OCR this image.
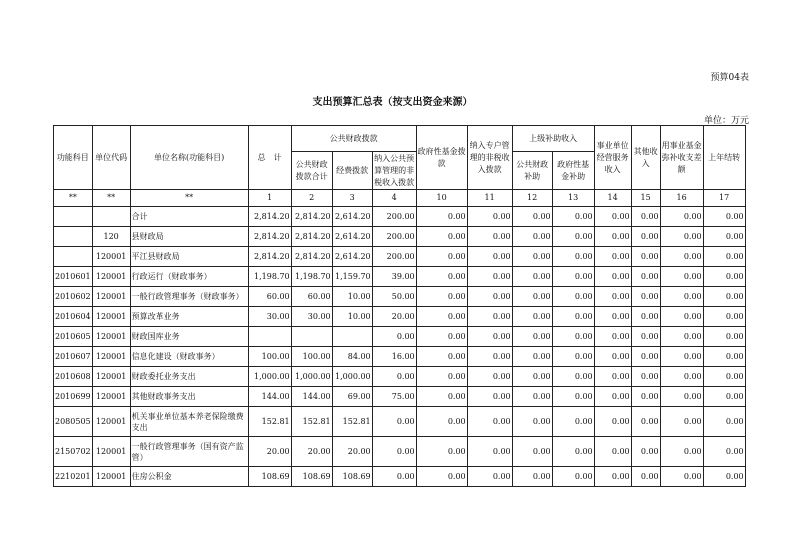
预算04表
支出预算汇总表（按支出资金来源）
单位：万元
功能科目	单位代码	单位名称(功能科目)	总　计	公共财政拨款			政府性基金拨款	纳入专户管理的非税收入拨款	上级补助收入		事业单位经营服务收入	其他收入	用事业基金弥补收支差额	上年结转
				公共财政拨款合计	经费拨款	纳入公共预算管理的非税收入拨款			公共财政补助	政府性基金补助				
**	**	**	1	2	3	4	10	11	12	13	14	15	16	17
		合计	2,814.20	2,814.20	2,614.20	200.00	0.00	0.00	0.00	0.00	0.00	0.00	0.00	0.00
	120	县财政局	2,814.20	2,814.20	2,614.20	200.00	0.00	0.00	0.00	0.00	0.00	0.00	0.00	0.00
	120001	平江县财政局	2,814.20	2,814.20	2,614.20	200.00	0.00	0.00	0.00	0.00	0.00	0.00	0.00	0.00
2010601	120001	行政运行（财政事务）	1,198.70	1,198.70	1,159.70	39.00	0.00	0.00	0.00	0.00	0.00	0.00	0.00	0.00
2010602	120001	一般行政管理事务（财政事务）	60.00	60.00	10.00	50.00	0.00	0.00	0.00	0.00	0.00	0.00	0.00	0.00
2010604	120001	预算改革业务	30.00	30.00	10.00	20.00	0.00	0.00	0.00	0.00	0.00	0.00	0.00	0.00
2010605	120001	财政国库业务				0.00	0.00	0.00	0.00	0.00	0.00	0.00	0.00	0.00
2010607	120001	信息化建设（财政事务）	100.00	100.00	84.00	16.00	0.00	0.00	0.00	0.00	0.00	0.00	0.00	0.00
2010608	120001	财政委托业务支出	1,000.00	1,000.00	1,000.00	0.00	0.00	0.00	0.00	0.00	0.00	0.00	0.00	0.00
2010699	120001	其他财政事务支出	144.00	144.00	69.00	75.00	0.00	0.00	0.00	0.00	0.00	0.00	0.00	0.00
2080505	120001	机关事业单位基本养老保险缴费支出	152.81	152.81	152.81	0.00	0.00	0.00	0.00	0.00	0.00	0.00	0.00	0.00
2150702	120001	一般行政管理事务（国有资产监管）	20.00	20.00	20.00	0.00	0.00	0.00	0.00	0.00	0.00	0.00	0.00	0.00
2210201	120001	住房公积金	108.69	108.69	108.69	0.00	0.00	0.00	0.00	0.00	0.00	0.00	0.00	0.00
